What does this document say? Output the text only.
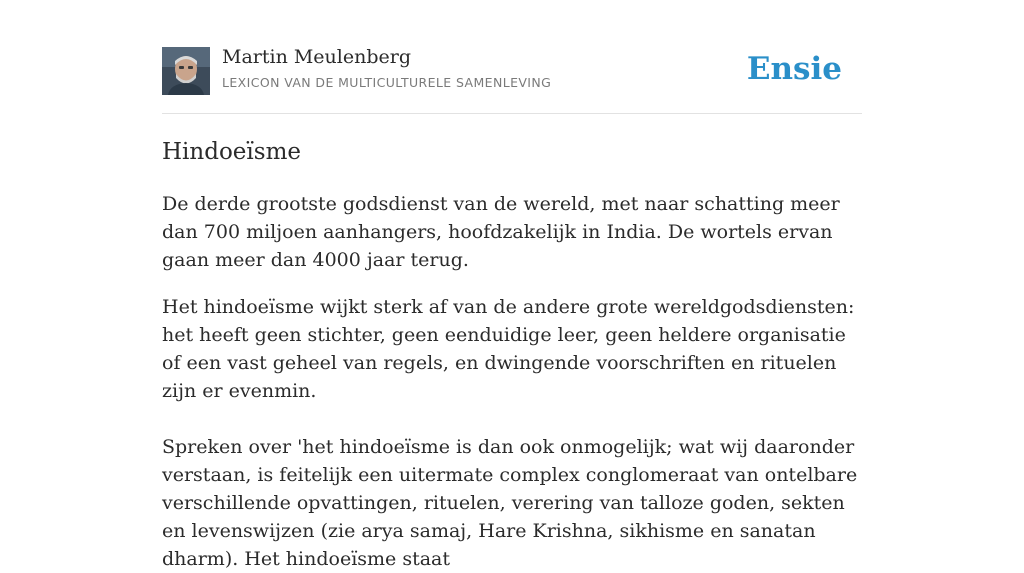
Martin Meulenberg
LEXICON VAN DE MULTICULTURELE SAMENLEVING	Ensie
Hindoeïsme

De derde grootste godsdienst van de wereld, met naar schatting meer dan 700 miljoen aanhangers, hoofdzakelijk in India. De wortels ervan gaan meer dan 4000 jaar terug.

Het hindoeïsme wijkt sterk af van de andere grote wereldgodsdiensten: het heeft geen stichter, geen eenduidige leer, geen heldere organisatie of een vast geheel van regels, en dwingende voorschriften en rituelen zijn er evenmin.

Spreken over 'het hindoeïsme is dan ook onmogelijk; wat wij daaronder verstaan, is feitelijk een uitermate complex conglomeraat van ontelbare verschillende opvattingen, rituelen, verering van talloze goden, sekten en levenswijzen (zie arya samaj, Hare Krishna, sikhisme en sanatan dharm). Het hindoeïsme staat
